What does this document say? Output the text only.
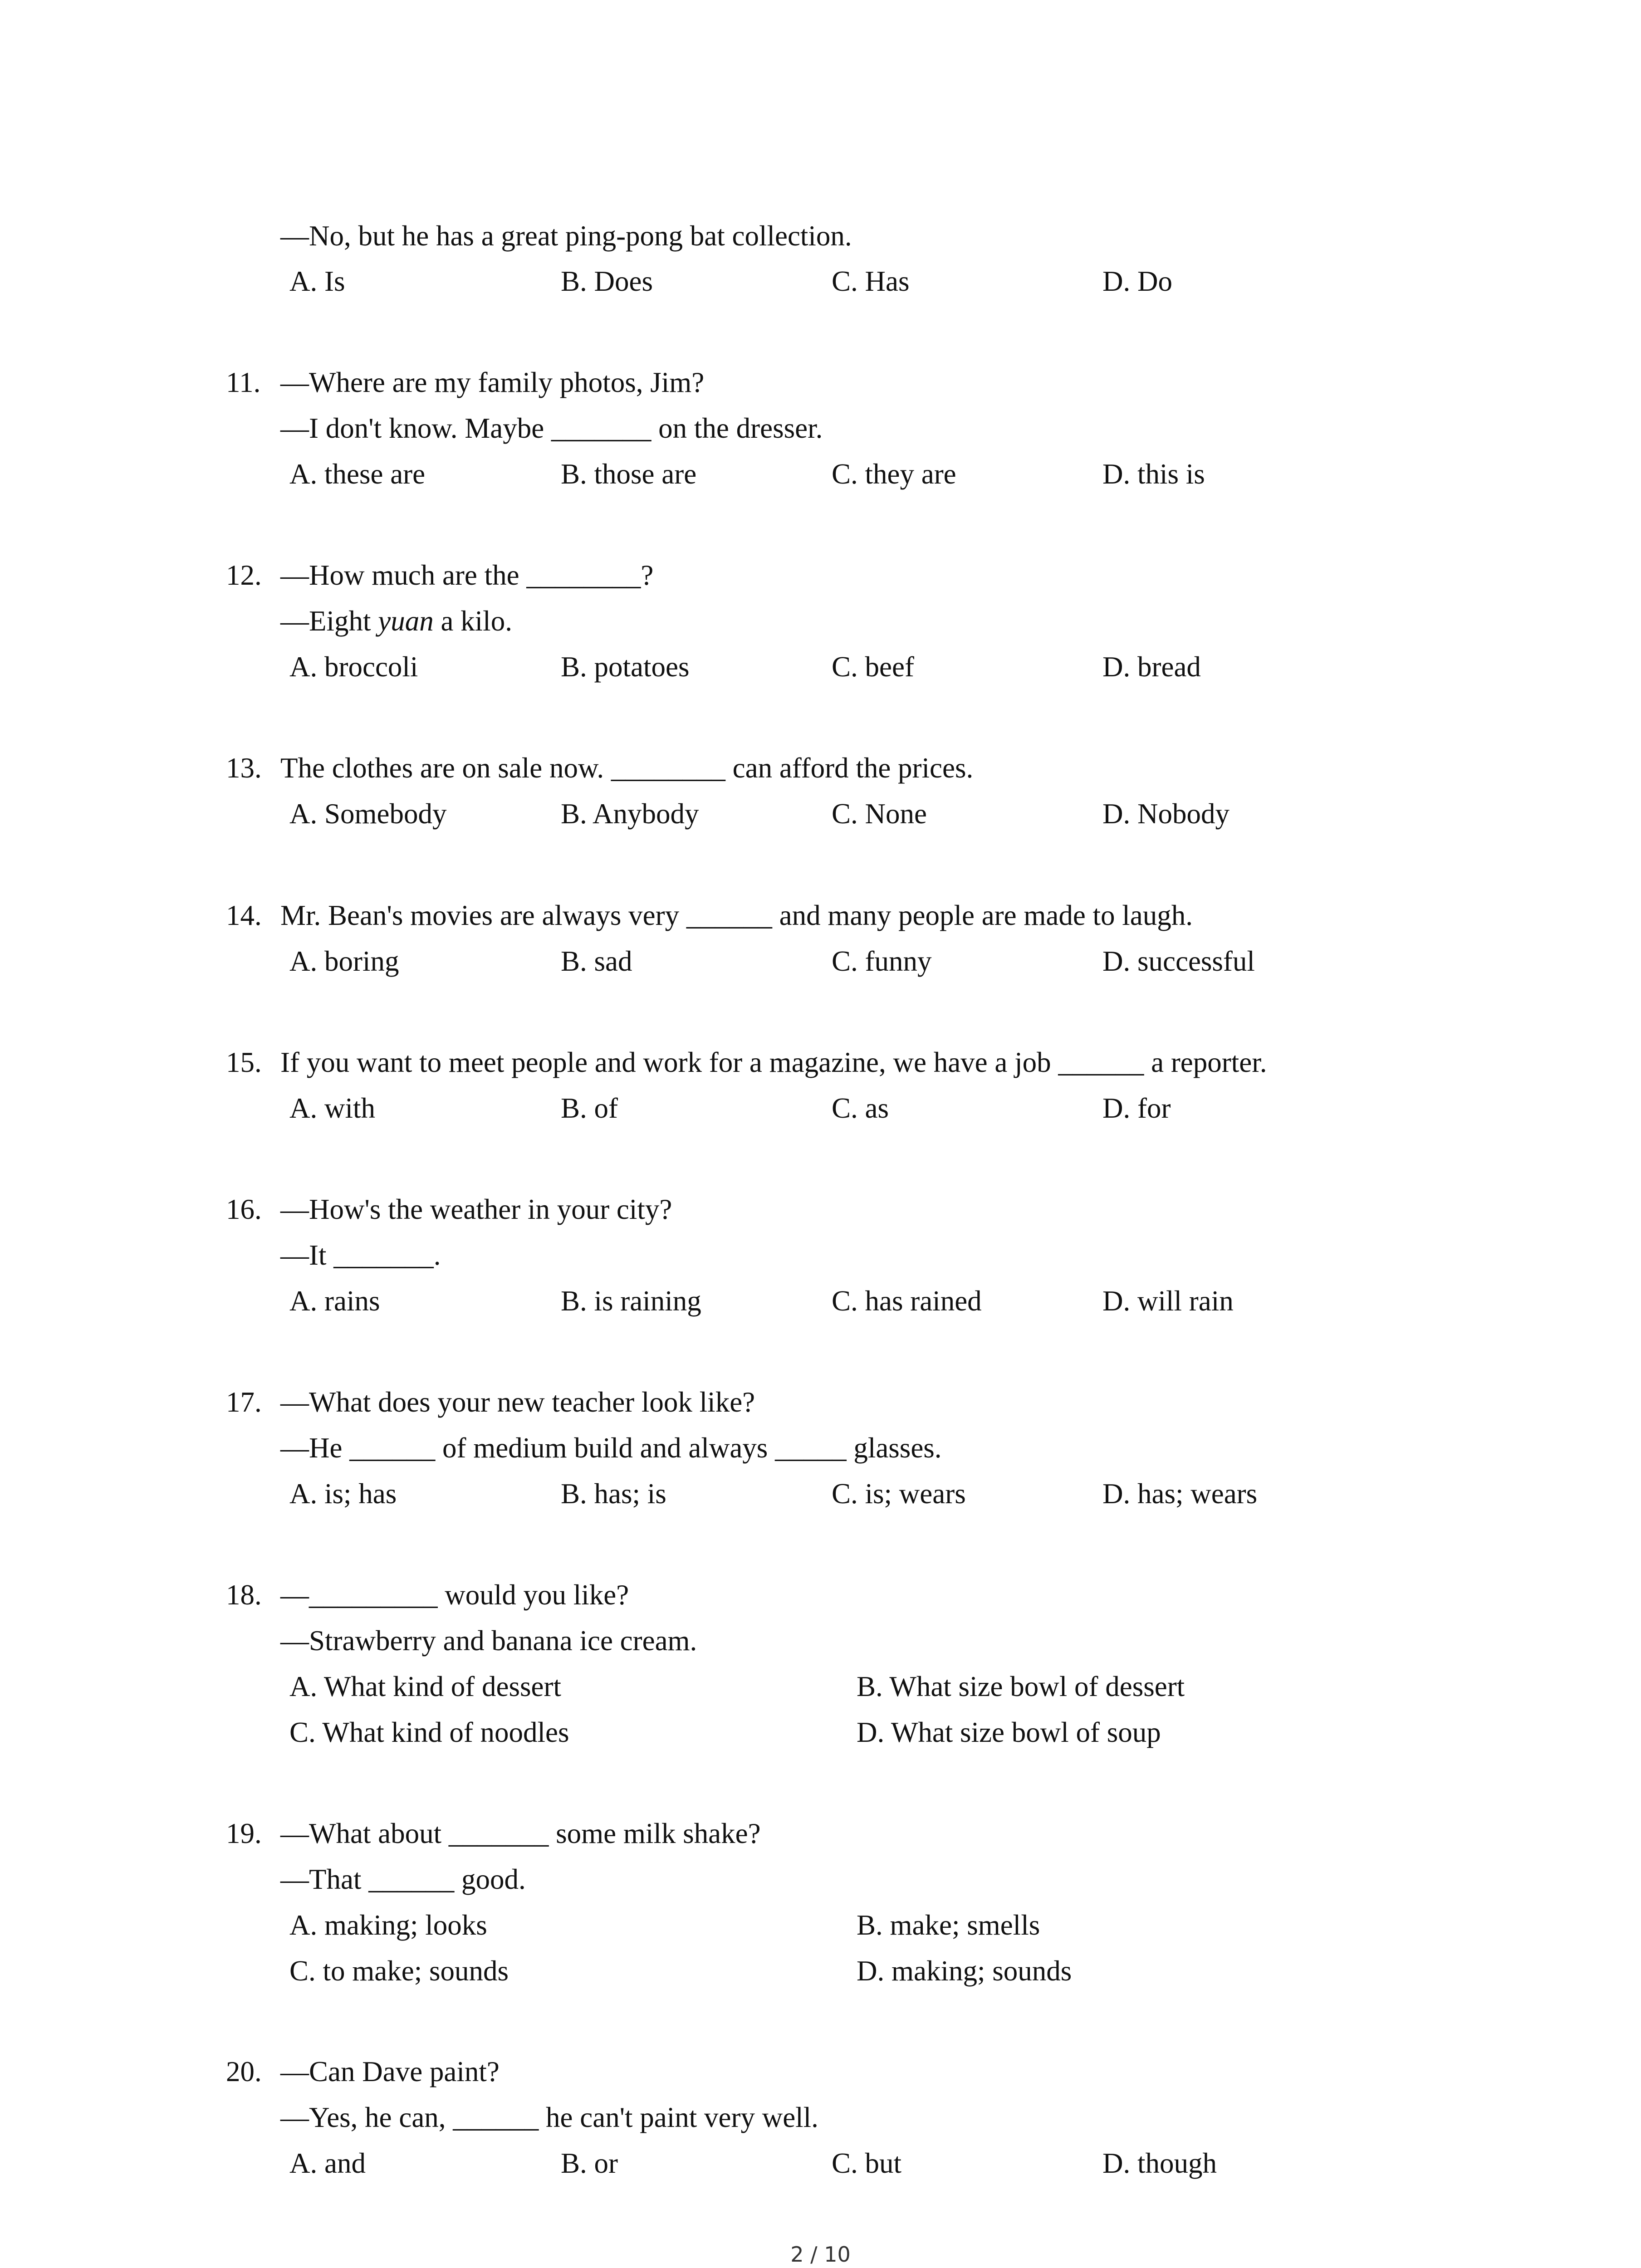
—No, but he has a great ping-pong bat collection.
A. Is	B. Does	C. Has	D. Do
11. —Where are my family photos, Jim?
—I don't know. Maybe _______ on the dresser.
A. these are	B. those are	C. they are	D. this is
12. —How much are the ________?
—Eight yuan a kilo.
A. broccoli	B. potatoes	C. beef	D. bread
13. The clothes are on sale now. ________ can afford the prices.
A. Somebody	B. Anybody	C. None	D. Nobody
14. Mr. Bean's movies are always very ______ and many people are made to laugh.
A. boring	B. sad	C. funny	D. successful
15. If you want to meet people and work for a magazine, we have a job ______ a reporter.
A. with	B. of	C. as	D. for
16. —How's the weather in your city?
—It _______.
A. rains	B. is raining	C. has rained	D. will rain
17. —What does your new teacher look like?
—He ______ of medium build and always _____ glasses.
A. is; has	B. has; is	C. is; wears	D. has; wears
18. —_________ would you like?
—Strawberry and banana ice cream.
A. What kind of dessert	B. What size bowl of dessert
C. What kind of noodles	D. What size bowl of soup
19. —What about _______ some milk shake?
—That ______ good.
A. making; looks	B. make; smells
C. to make; sounds	D. making; sounds
20. —Can Dave paint?
—Yes, he can, ______ he can't paint very well.
A. and	B. or	C. but	D. though
2 / 10
